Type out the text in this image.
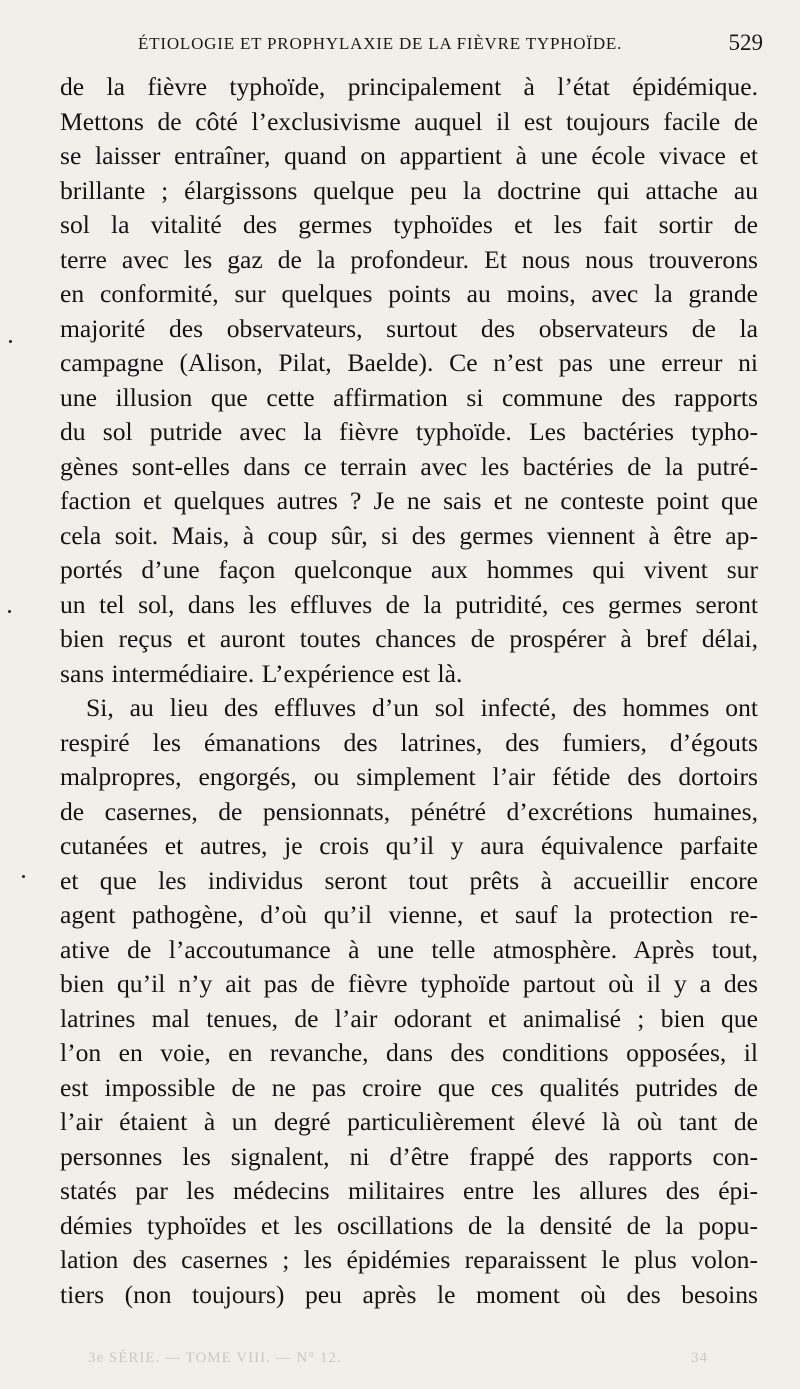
ÉTIOLOGIE ET PROPHYLAXIE DE LA FIÈVRE TYPHOÏDE.	529
de la fièvre typhoïde, principalement à l’état épidémique.
Mettons de côté l’exclusivisme auquel il est toujours facile de
se laisser entraîner, quand on appartient à une école vivace et
brillante ; élargissons quelque peu la doctrine qui attache au
sol la vitalité des germes typhoïdes et les fait sortir de
terre avec les gaz de la profondeur. Et nous nous trouverons
en conformité, sur quelques points au moins, avec la grande
majorité des observateurs, surtout des observateurs de la
campagne (Alison, Pilat, Baelde). Ce n’est pas une erreur ni
une illusion que cette affirmation si commune des rapports
du sol putride avec la fièvre typhoïde. Les bactéries typho-
gènes sont-elles dans ce terrain avec les bactéries de la putré-
faction et quelques autres ? Je ne sais et ne conteste point que
cela soit. Mais, à coup sûr, si des germes viennent à être ap-
portés d’une façon quelconque aux hommes qui vivent sur
un tel sol, dans les effluves de la putridité, ces germes seront
bien reçus et auront toutes chances de prospérer à bref délai,
sans intermédiaire. L’expérience est là.
Si, au lieu des effluves d’un sol infecté, des hommes ont
respiré les émanations des latrines, des fumiers, d’égouts
malpropres, engorgés, ou simplement l’air fétide des dortoirs
de casernes, de pensionnats, pénétré d’excrétions humaines,
cutanées et autres, je crois qu’il y aura équivalence parfaite
et que les individus seront tout prêts à accueillir encore
agent pathogène, d’où qu’il vienne, et sauf la protection re-
ative de l’accoutumance à une telle atmosphère. Après tout,
bien qu’il n’y ait pas de fièvre typhoïde partout où il y a des
latrines mal tenues, de l’air odorant et animalisé ; bien que
l’on en voie, en revanche, dans des conditions opposées, il
est impossible de ne pas croire que ces qualités putrides de
l’air étaient à un degré particulièrement élevé là où tant de
personnes les signalent, ni d’être frappé des rapports con-
statés par les médecins militaires entre les allures des épi-
démies typhoïdes et les oscillations de la densité de la popu-
lation des casernes ; les épidémies reparaissent le plus volon-
tiers (non toujours) peu après le moment où des besoins
3e SÉRIE. — TOME VIII. — N° 12.	34
